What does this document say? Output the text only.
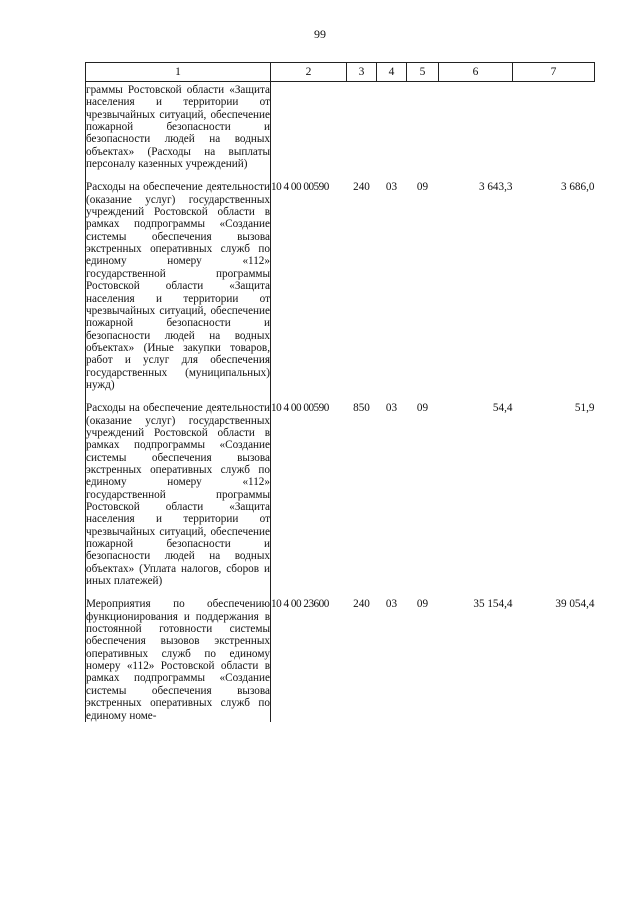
99
1	2	3	4	5	6	7

граммы Ростовской области «Защита населения и территории от чрезвычайных ситуаций, обеспечение пожарной безопасности и безопасности людей на водных объектах» (Расходы на выплаты персоналу казенных учреждений)						

Расходы на обеспечение деятельности (оказание услуг) государственных учреждений Ростовской области в рамках подпрограммы «Создание системы обеспечения вызова экстренных оперативных служб по единому номеру «112» государственной программы Ростовской области «Защита населения и территории от чрезвычайных ситуаций, обеспечение пожарной безопасности и безопасности людей на водных объектах» (Иные закупки товаров, работ и услуг для обеспечения государственных (муниципальных) нужд)	10 4 00 00590	240	03	09	3 643,3	3 686,0

Расходы на обеспечение деятельности (оказание услуг) государственных учреждений Ростовской области в рамках подпрограммы «Создание системы обеспечения вызова экстренных оперативных служб по единому номеру «112» государственной программы Ростовской области «Защита населения и территории от чрезвычайных ситуаций, обеспечение пожарной безопасности и безопасности людей на водных объектах» (Уплата налогов, сборов и иных платежей)	10 4 00 00590	850	03	09	54,4	51,9

Мероприятия по обеспечению функционирования и поддержания в постоянной готовности системы обеспечения вызовов экстренных оперативных служб по единому номеру «112» Ростовской области в рамках подпрограммы «Создание системы обеспечения вызова экстренных оперативных служб по единому номе-	10 4 00 23600	240	03	09	35 154,4	39 054,4
